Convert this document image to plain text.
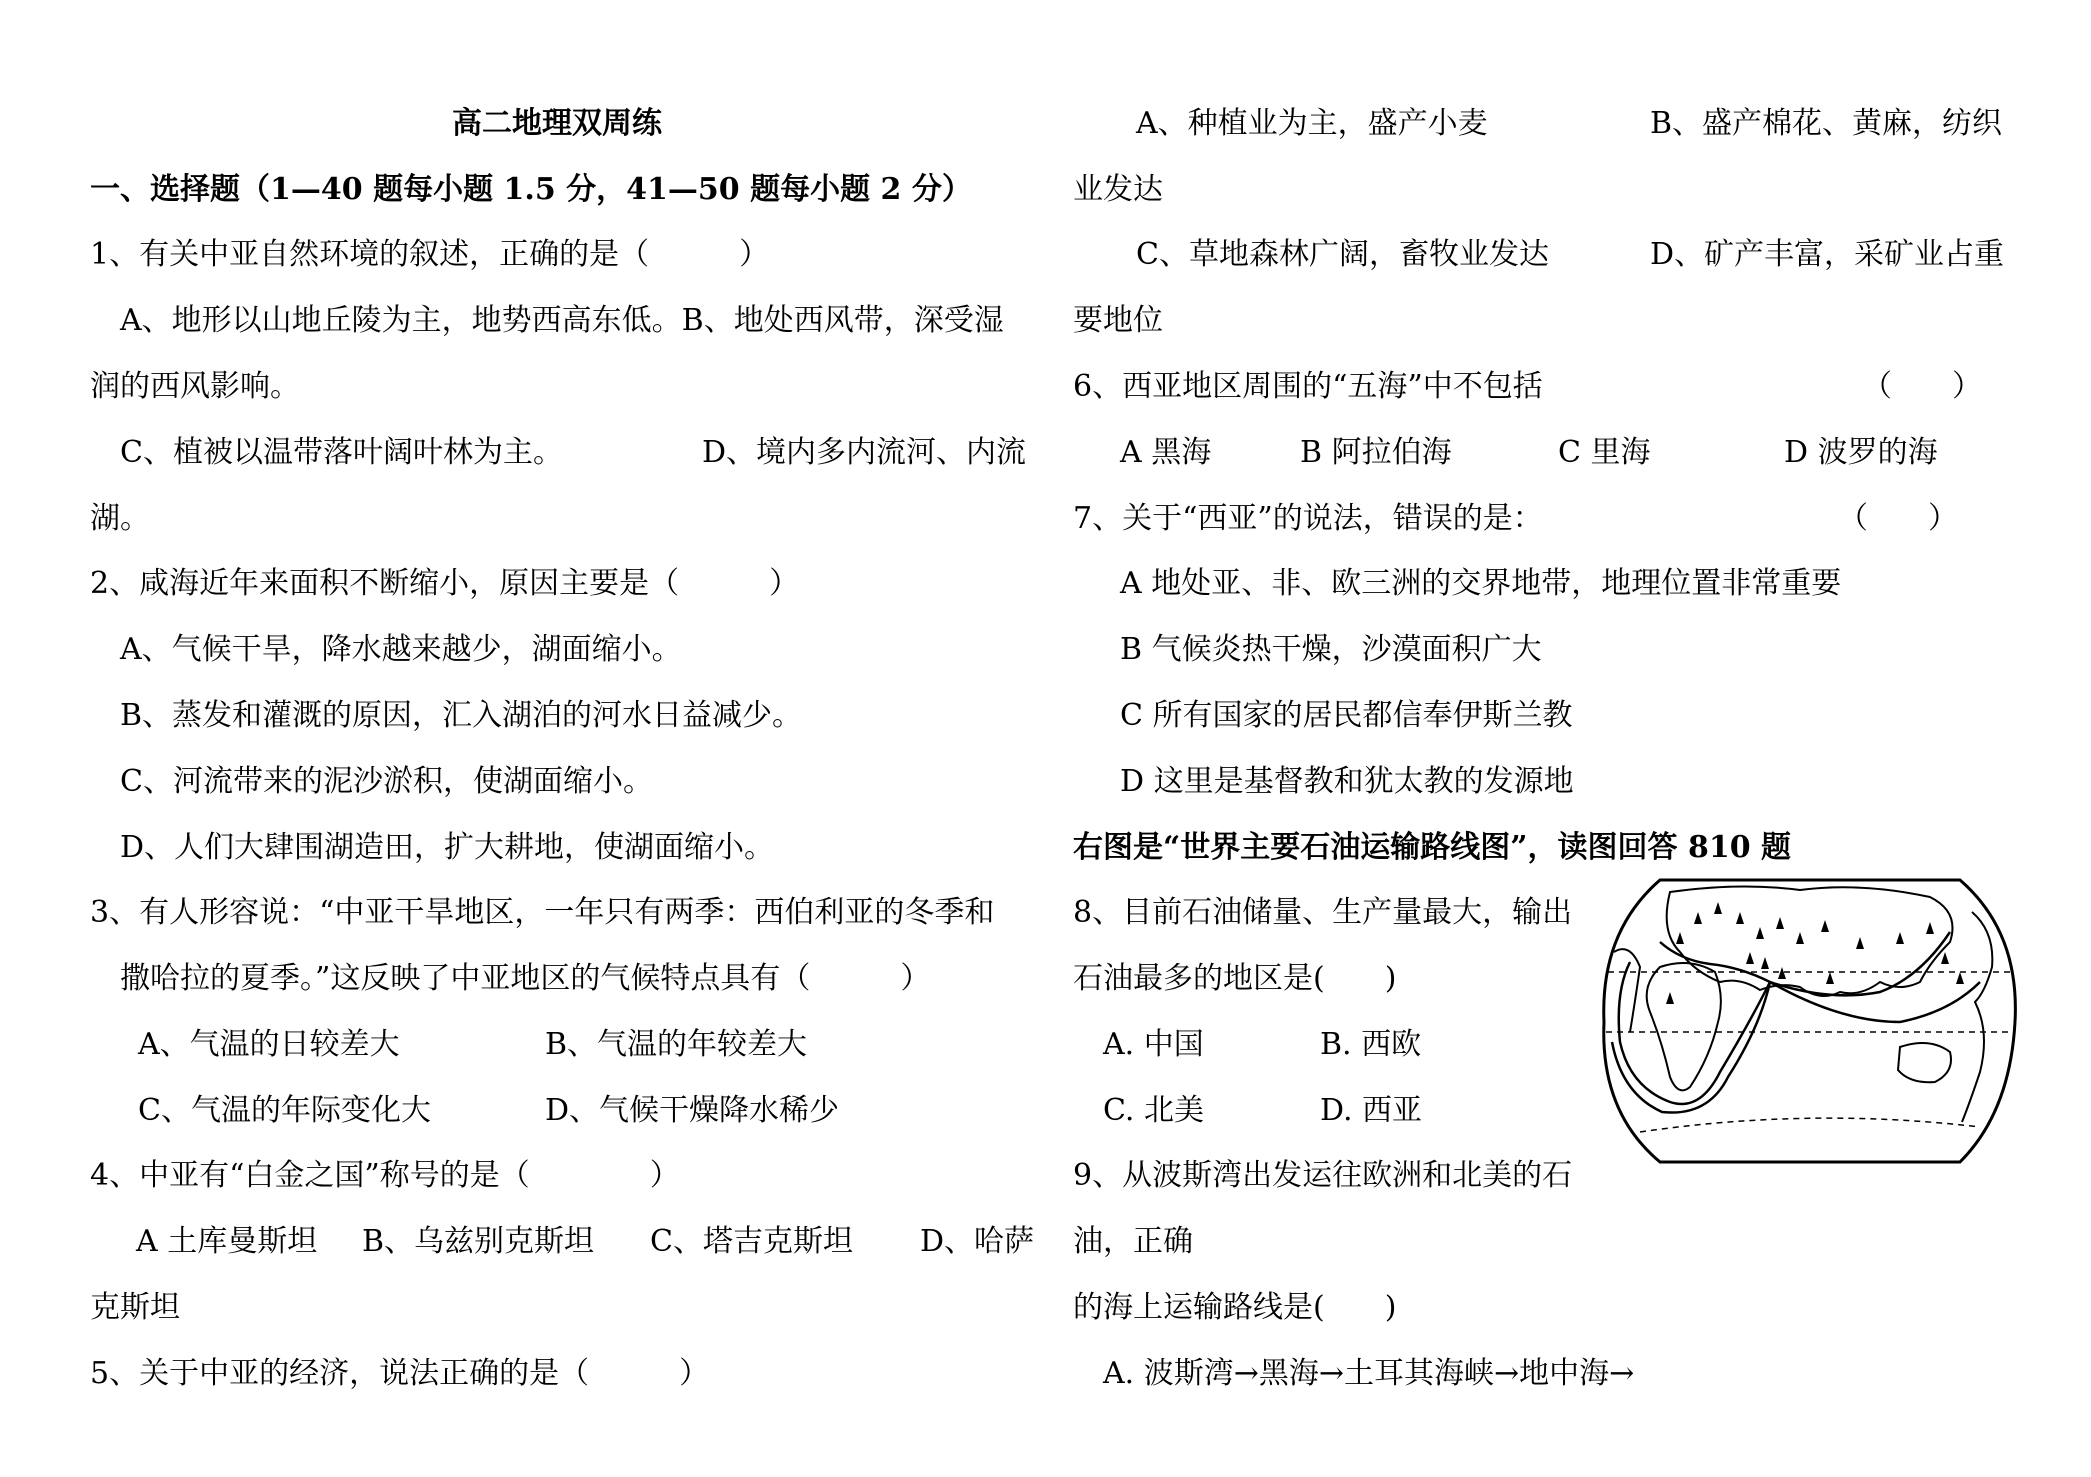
高二地理双周练
一、选择题（1—40 题每小题 1.5 分，41—50 题每小题 2 分）
1、有关中亚自然环境的叙述，正确的是（　　　）
A、地形以山地丘陵为主，地势西高东低。B、地处西风带，深受湿
润的西风影响。
C、植被以温带落叶阔叶林为主。	D、境内多内流河、内流
湖。
2、咸海近年来面积不断缩小，原因主要是（　　　）
A、气候干旱，降水越来越少，湖面缩小。
B、蒸发和灌溉的原因，汇入湖泊的河水日益减少。
C、河流带来的泥沙淤积，使湖面缩小。
D、人们大肆围湖造田，扩大耕地，使湖面缩小。
3、有人形容说：“中亚干旱地区，一年只有两季：西伯利亚的冬季和
撒哈拉的夏季。”这反映了中亚地区的气候特点具有（　　　）
A、气温的日较差大	B、气温的年较差大
C、气温的年际变化大	D、气候干燥降水稀少
4、中亚有“白金之国”称号的是（　　　　）
A 土库曼斯坦 B、乌兹别克斯坦 C、塔吉克斯坦 D、哈萨
克斯坦
5、关于中亚的经济，说法正确的是（　　　）
A、种植业为主，盛产小麦	B、盛产棉花、黄麻，纺织
业发达
C、草地森林广阔，畜牧业发达	D、矿产丰富，采矿业占重
要地位
6、西亚地区周围的“五海”中不包括	（　　）
A 黑海	B 阿拉伯海	C 里海	D 波罗的海
7、关于“西亚”的说法，错误的是：	（　　）
A 地处亚、非、欧三洲的交界地带，地理位置非常重要
B 气候炎热干燥，沙漠面积广大
C 所有国家的居民都信奉伊斯兰教
D 这里是基督教和犹太教的发源地
右图是“世界主要石油运输路线图”，读图回答 810 题
8、目前石油储量、生产量最大，输出
石油最多的地区是(　　)
A. 中国	B. 西欧
C. 北美	D. 西亚
9、从波斯湾出发运往欧洲和北美的石
油，正确
的海上运输路线是(　　)
A. 波斯湾→黑海→土耳其海峡→地中海→
